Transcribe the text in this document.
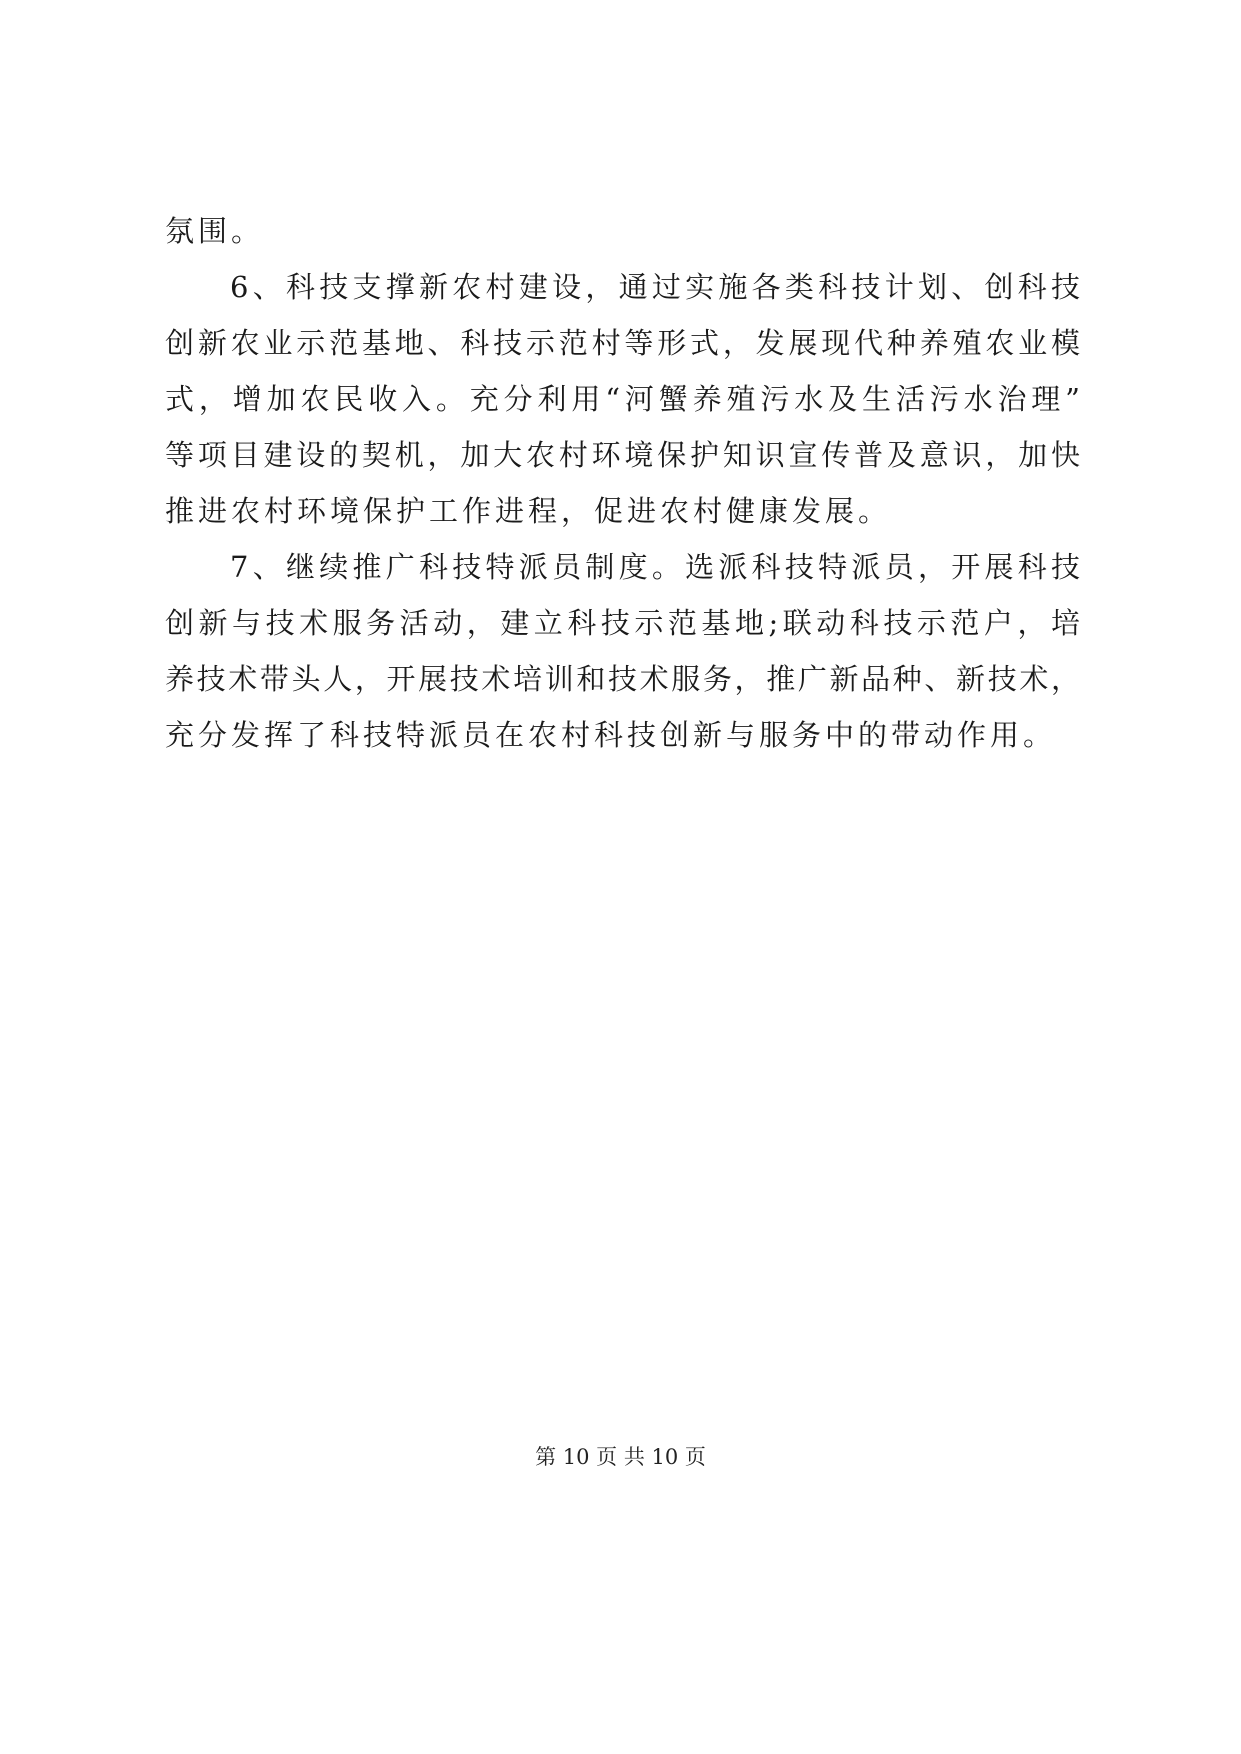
氛围。
6、科技支撑新农村建设，通过实施各类科技计划、创科技
创新农业示范基地、科技示范村等形式，发展现代种养殖农业模
式，增加农民收入。充分利用“河蟹养殖污水及生活污水治理”
等项目建设的契机，加大农村环境保护知识宣传普及意识，加快
推进农村环境保护工作进程，促进农村健康发展。
7、继续推广科技特派员制度。选派科技特派员，开展科技
创新与技术服务活动，建立科技示范基地;联动科技示范户，培
养技术带头人，开展技术培训和技术服务，推广新品种、新技术，
充分发挥了科技特派员在农村科技创新与服务中的带动作用。
第 10 页 共 10 页
